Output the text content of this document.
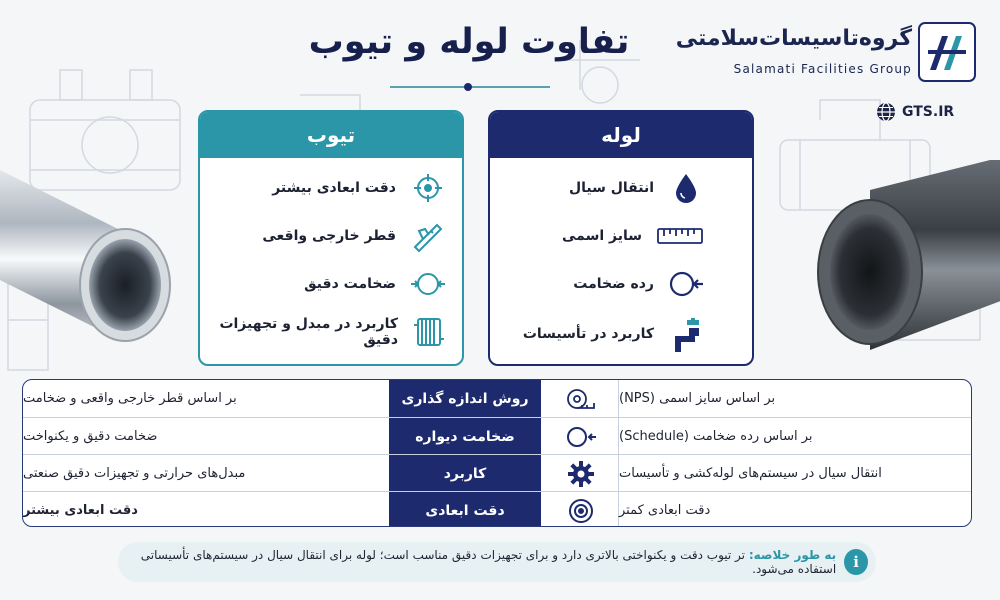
گروه‌تاسیسات‌سلامتی
Salamati Facilities Group
GTS.IR
تفاوت لوله و تیوب
تیوب
دقت ابعادی بیشتر
قطر خارجی واقعی
ضخامت دقیق
کاربرد در مبدل و تجهیزات دقیق
لوله
انتقال سیال
سایز اسمی
رده ضخامت
کاربرد در تأسیسات
بر اساس قطر خارجی واقعی و ضخامت	روش اندازه گذاری	بر اساس سایز اسمی (NPS)
ضخامت دقیق و یکنواخت	ضخامت دیواره	بر اساس رده ضخامت (Schedule)
مبدل‌های حرارتی و تجهیزات دقیق صنعتی	کاربرد	انتقال سیال در سیستم‌های لوله‌کشی و تأسیسات
دقت ابعادی بیشتر	دقت ابعادی	دقت ابعادی کمتر
به طور خلاصه: تر تیوب دقت و یکنواختی بالاتری دارد و برای تجهیزات دقیق مناسب است؛ لوله برای انتقال سیال در سیستم‌های تأسیساتی استفاده می‌شود.	i
